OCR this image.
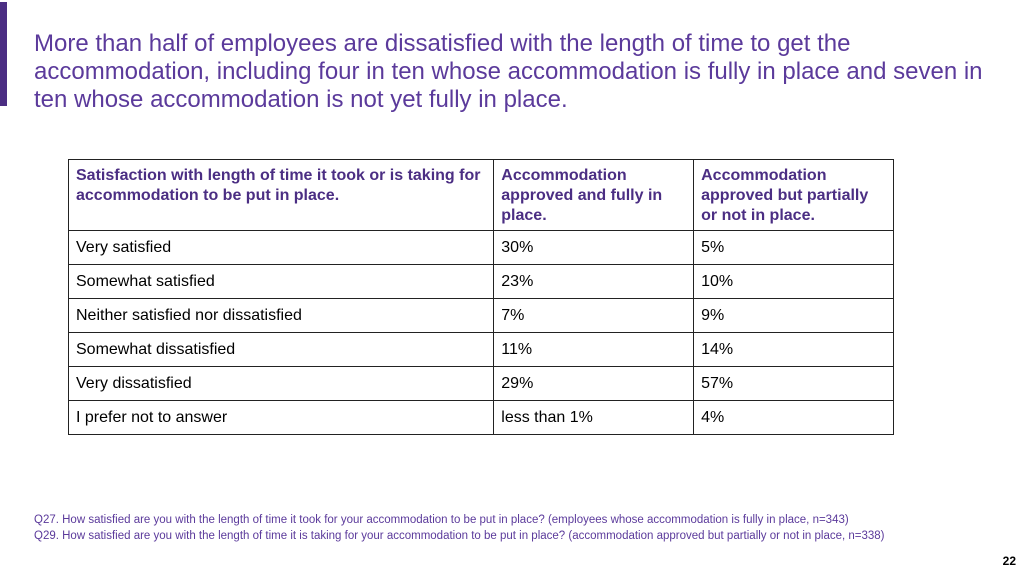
More than half of employees are dissatisfied with the length of time to get the accommodation, including four in ten whose accommodation is fully in place and seven in ten whose accommodation is not yet fully in place.
Satisfaction with length of time it took or is taking for accommodation to be put in place.	Accommodation approved and fully in place.	Accommodation approved but partially or not in place.
Very satisfied	30%	5%
Somewhat satisfied	23%	10%
Neither satisfied nor dissatisfied	7%	9%
Somewhat dissatisfied	11%	14%
Very dissatisfied	29%	57%
I prefer not to answer	less than 1%	4%
Q27. How satisfied are you with the length of time it took for your accommodation to be put in place? (employees whose accommodation is fully in place, n=343)
Q29. How satisfied are you with the length of time it is taking for your accommodation to be put in place? (accommodation approved but partially or not in place, n=338)
22
